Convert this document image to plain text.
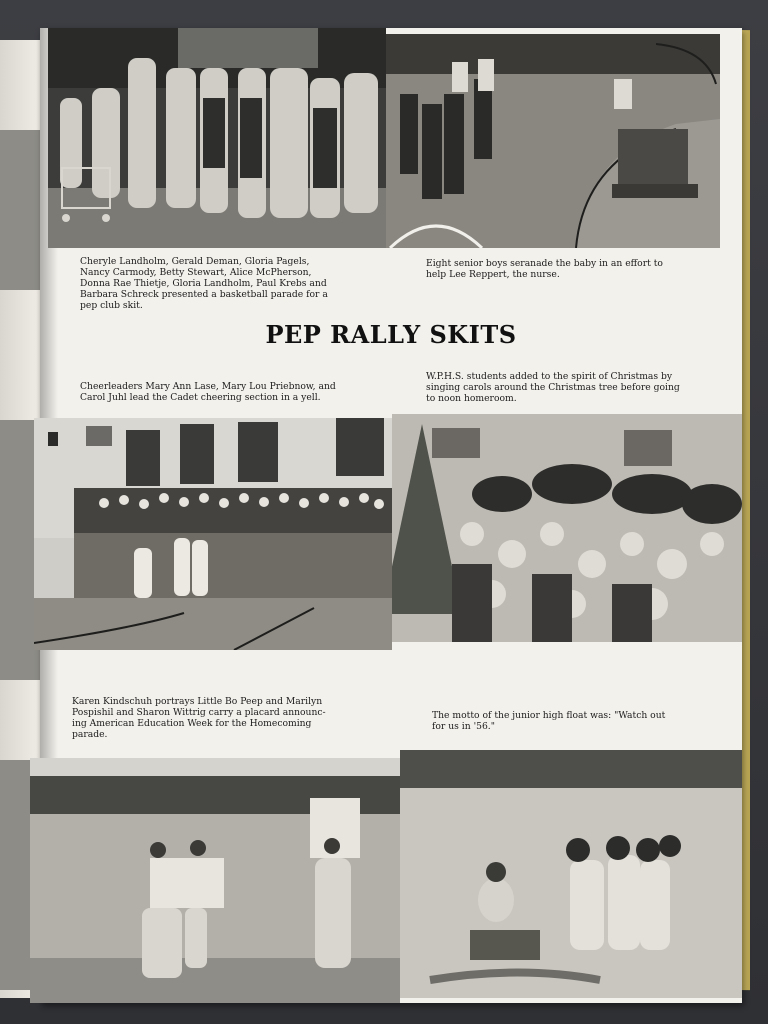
Cheryle Landholm, Gerald Deman, Gloria Pagels,
Nancy Carmody, Betty Stewart, Alice McPherson,
Donna Rae Thietje, Gloria Landholm, Paul Krebs and
Barbara Schreck presented a basketball parade for a
pep club skit.

Eight senior boys seranade the baby in an effort to
help Lee Reppert, the nurse.

PEP RALLY SKITS

Cheerleaders Mary Ann Lase, Mary Lou Priebnow, and
Carol Juhl lead the Cadet cheering section in a yell.

W.P.H.S. students added to the spirit of Christmas by
singing carols around the Christmas tree before going
to noon homeroom.

Karen Kindschuh portrays Little Bo Peep and Marilyn
Pospishil and Sharon Wittrig carry a placard announc-
ing American Education Week for the Homecoming
parade.

The motto of the junior high float was: "Watch out
for us in '56."
